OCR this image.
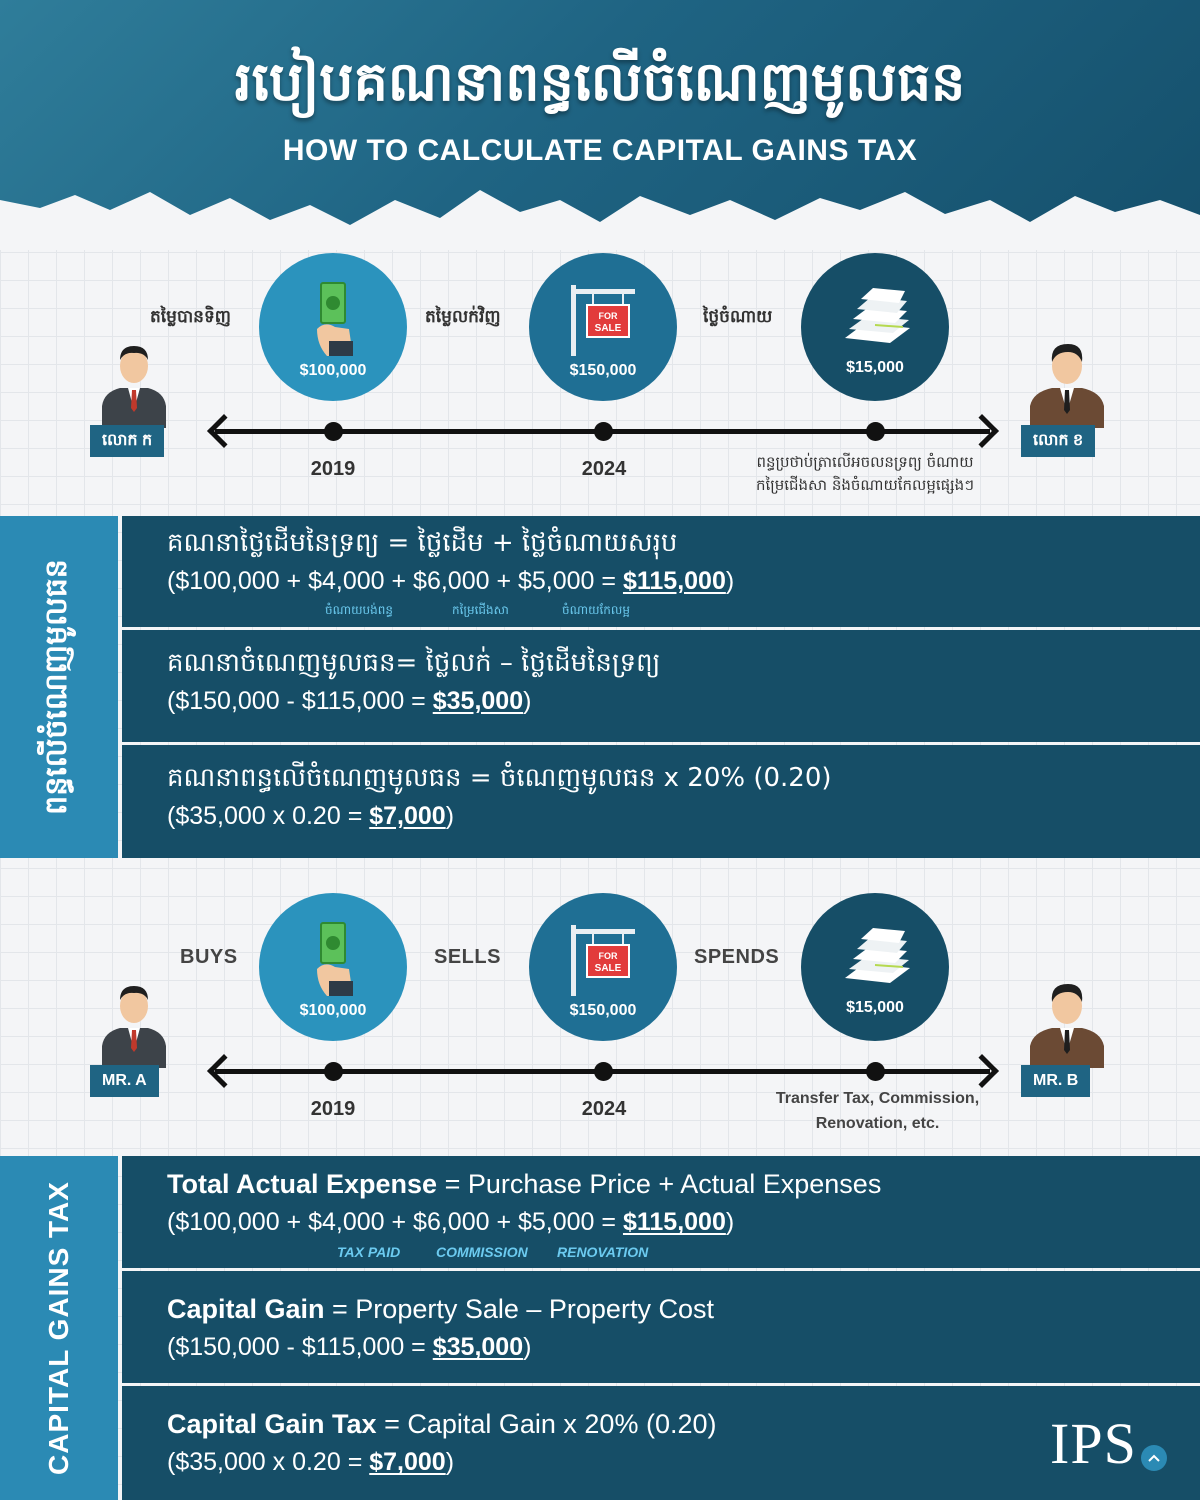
របៀបគណនាពន្ធលើចំណេញមូលធន
HOW TO CALCULATE CAPITAL GAINS TAX
តម្លៃបានទិញ	តម្លៃលក់វិញ	ថ្លៃចំណាយ
$100,000
FOR
SALE
$150,000	$15,000
លោក ក	លោក ខ
2019	2024	ពន្ធប្រថាប់ត្រាលើអចលនទ្រព្យ ចំណាយ
កម្រៃជើងសា និងចំណាយកែលម្អផ្សេងៗ
ពន្ធលើចំណេញមូលធន
គណនាថ្លៃដើមនៃទ្រព្យ = ថ្លៃដើម + ថ្លៃចំណាយសរុប
($100,000 + $4,000 + $6,000 + $5,000 = $115,000)
ចំណាយបង់ពន្ធ	កម្រៃជើងសា	ចំណាយកែលម្អ
គណនាចំណេញមូលធន= ថ្លៃលក់ – ថ្លៃដើមនៃទ្រព្យ
($150,000 - $115,000 = $35,000)
គណនាពន្ធលើចំណេញមូលធន = ចំណេញមូលធន x 20% (0.20)
($35,000 x 0.20 = $7,000)
BUYS	SELLS	SPENDS
$100,000
FOR
SALE
$150,000	$15,000
MR. A	MR. B
2019	2024	Transfer Tax, Commission,
Renovation, etc.
CAPITAL GAINS TAX	Total Actual Expense = Purchase Price + Actual Expenses
($100,000 + $4,000 + $6,000 + $5,000 = $115,000)
TAX PAID	COMMISSION RENOVATION
Capital Gain = Property Sale – Property Cost
($150,000 - $115,000 = $35,000)
Capital Gain Tax = Capital Gain x 20% (0.20)
($35,000 x 0.20 = $7,000)	IPS
